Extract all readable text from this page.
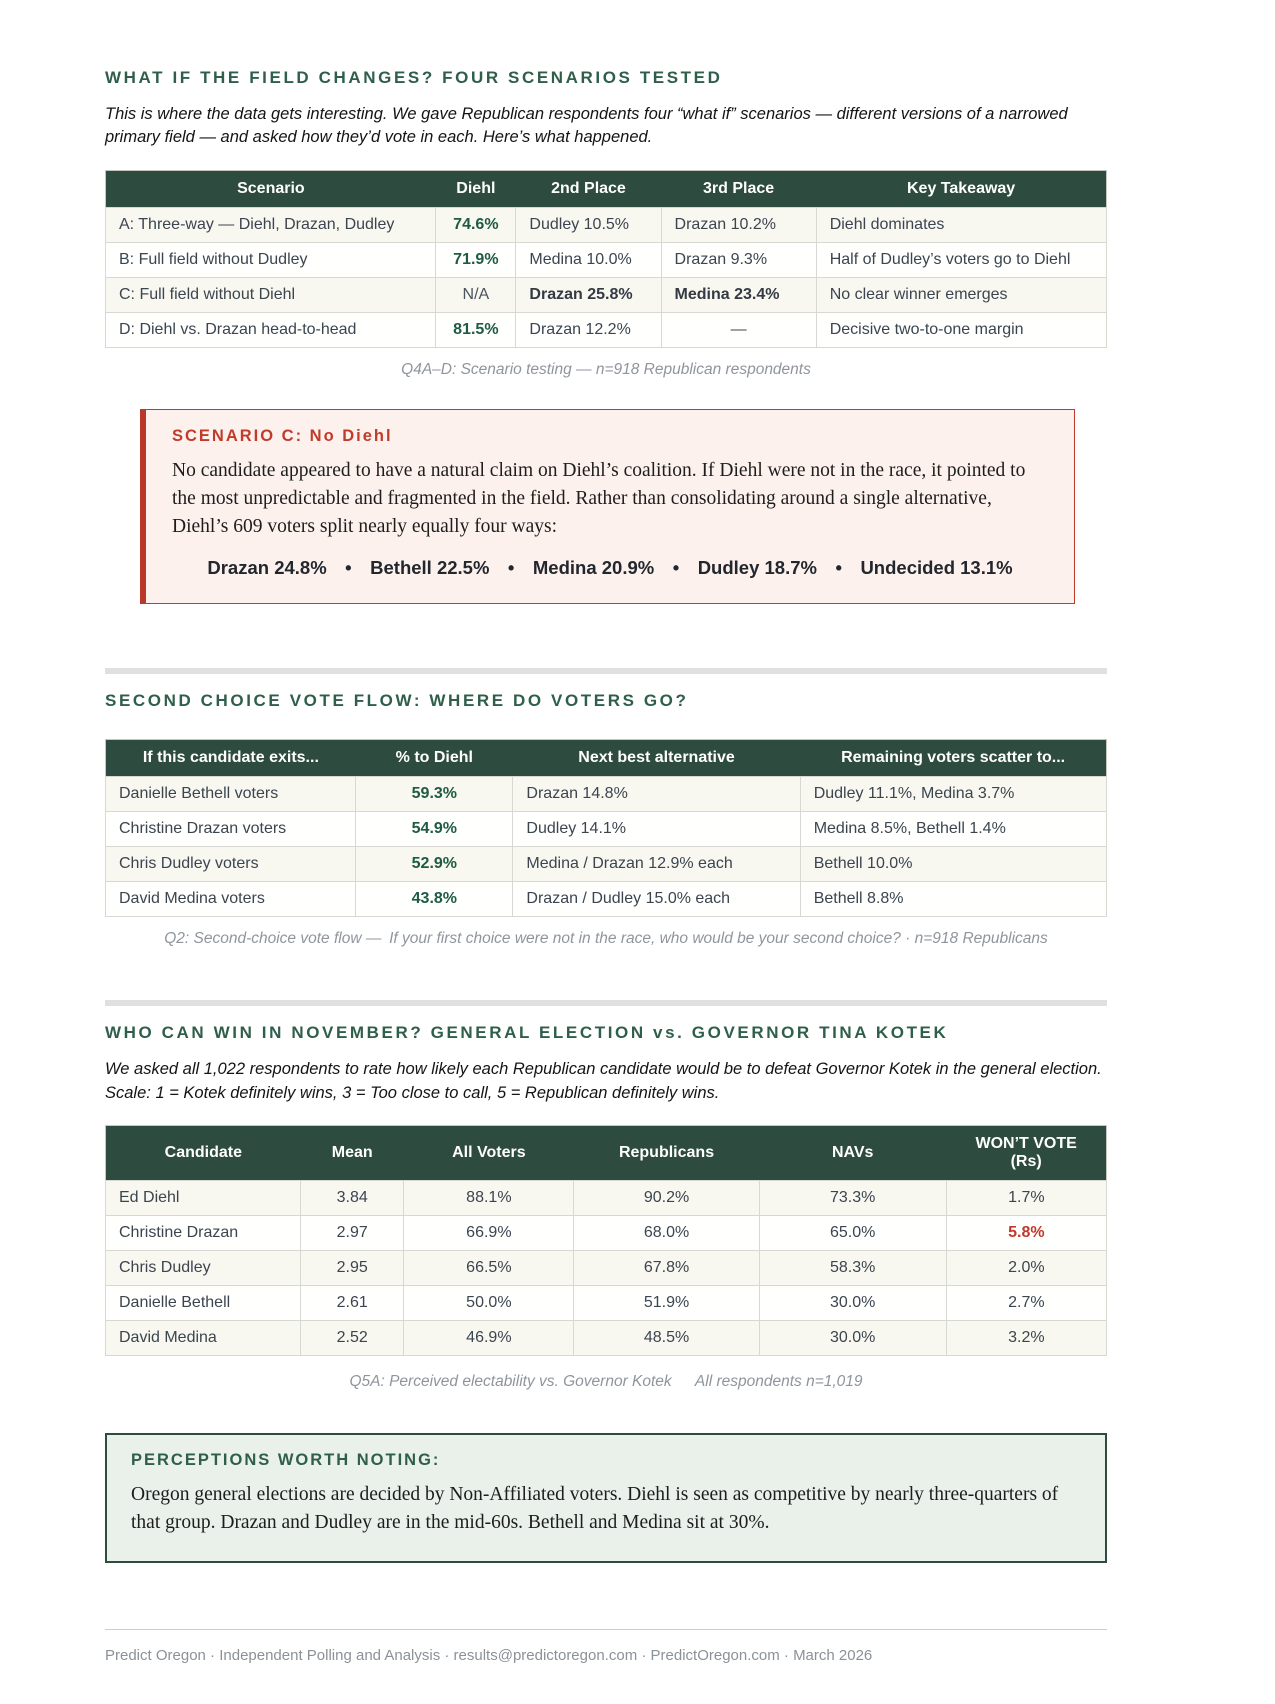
WHAT IF THE FIELD CHANGES? FOUR SCENARIOS TESTED

This is where the data gets interesting. We gave Republican respondents four “what if” scenarios — different versions of a narrowed primary field — and asked how they’d vote in each. Here’s what happened.

Scenario	Diehl	2nd Place	3rd Place	Key Takeaway
A: Three-way — Diehl, Drazan, Dudley	74.6%	Dudley 10.5%	Drazan 10.2%	Diehl dominates
B: Full field without Dudley	71.9%	Medina 10.0%	Drazan 9.3%	Half of Dudley’s voters go to Diehl
C: Full field without Diehl	N/A	Drazan 25.8%	Medina 23.4%	No clear winner emerges
D: Diehl vs. Drazan head-to-head	81.5%	Drazan 12.2%	—	Decisive two-to-one margin
Q4A–D: Scenario testing — n=918 Republican respondents
SCENARIO C: No Diehl
No candidate appeared to have a natural claim on Diehl’s coalition. If Diehl were not in the race, it pointed to the most unpredictable and fragmented in the field. Rather than consolidating around a single alternative, Diehl’s 609 voters split nearly equally four ways:
Drazan 24.8%  •  Bethell 22.5%  •  Medina 20.9%  •  Dudley 18.7%  •  Undecided 13.1%
SECOND CHOICE VOTE FLOW: WHERE DO VOTERS GO?
If this candidate exits...	% to Diehl	Next best alternative	Remaining voters scatter to...
Danielle Bethell voters	59.3%	Drazan 14.8%	Dudley 11.1%, Medina 3.7%
Christine Drazan voters	54.9%	Dudley 14.1%	Medina 8.5%, Bethell 1.4%
Chris Dudley voters	52.9%	Medina / Drazan 12.9% each	Bethell 10.0%
David Medina voters	43.8%	Drazan / Dudley 15.0% each	Bethell 8.8%
Q2: Second-choice vote flow — If your first choice were not in the race, who would be your second choice? · n=918 Republicans
WHO CAN WIN IN NOVEMBER? GENERAL ELECTION vs. GOVERNOR TINA KOTEK

We asked all 1,022 respondents to rate how likely each Republican candidate would be to defeat Governor Kotek in the general election. Scale: 1 = Kotek definitely wins, 3 = Too close to call, 5 = Republican definitely wins.

Candidate	Mean	All Voters	Republicans	NAVs	WON’T VOTE (Rs)
Ed Diehl	3.84	88.1%	90.2%	73.3%	1.7%
Christine Drazan	2.97	66.9%	68.0%	65.0%	5.8%
Chris Dudley	2.95	66.5%	67.8%	58.3%	2.0%
Danielle Bethell	2.61	50.0%	51.9%	30.0%	2.7%
David Medina	2.52	46.9%	48.5%	30.0%	3.2%
Q5A: Perceived electability vs. Governor Kotek  All respondents n=1,019
PERCEPTIONS WORTH NOTING:
Oregon general elections are decided by Non-Affiliated voters. Diehl is seen as competitive by nearly three-quarters of that group. Drazan and Dudley are in the mid-60s. Bethell and Medina sit at 30%.
Predict Oregon · Independent Polling and Analysis · results@predictoregon.com · PredictOregon.com · March 2026
